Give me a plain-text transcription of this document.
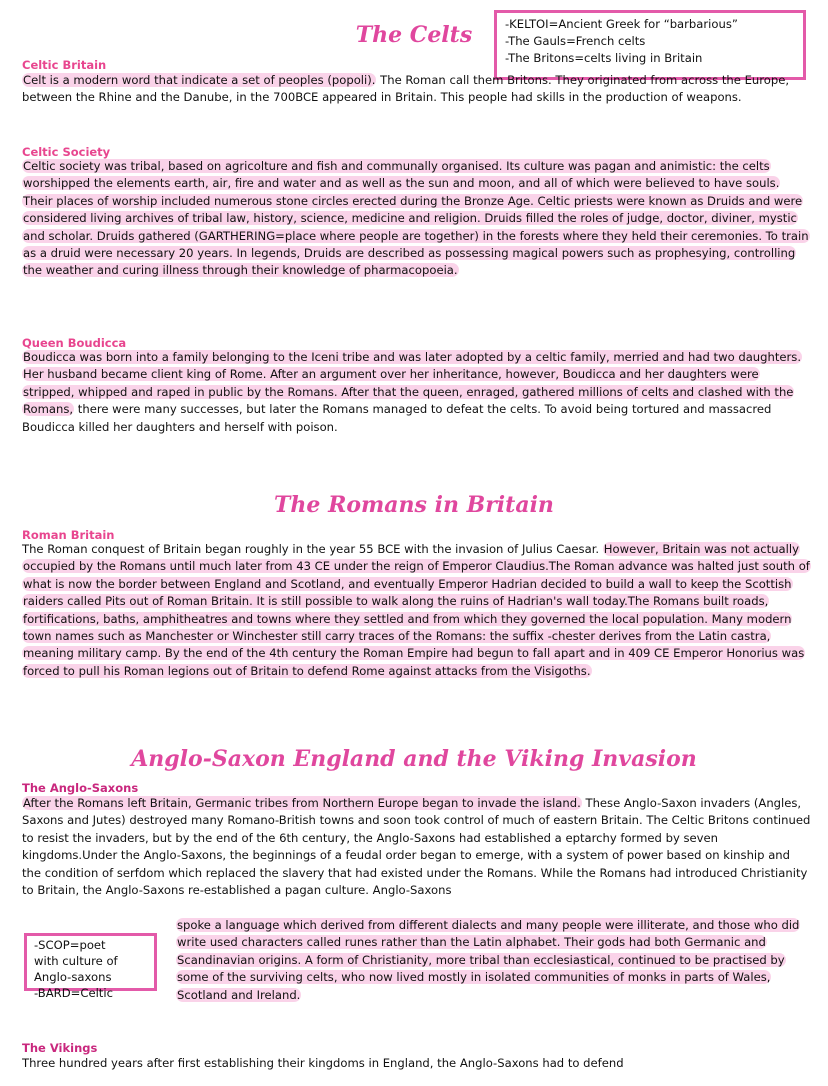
The Celts	-KELTOI=Ancient Greek for “barbarious”
-The Gauls=French celts
-The Britons=celts living in Britain
Celtic Britain

Celt is a modern word that indicate a set of peoples (popoli). The Roman call them Britons. They originated from across the Europe, between the Rhine and the Danube, in the 700BCE appeared in Britain. This people had skills in the production of weapons.

Celtic Society

Celtic society was tribal, based on agricolture and fish and communally organised. Its culture was pagan and animistic: the celts worshipped the elements earth, air, fire and water and as well as the sun and moon, and all of which were believed to have souls. Their places of worship included numerous stone circles erected during the Bronze Age. Celtic priests were known as Druids and were considered living archives of tribal law, history, science, medicine and religion. Druids filled the roles of judge, doctor, diviner, mystic and scholar. Druids gathered (GARTHERING=place where people are together) in the forests where they held their ceremonies. To train as a druid were necessary 20 years. In legends, Druids are described as possessing magical powers such as prophesying, controlling the weather and curing illness through their knowledge of pharmacopoeia.

Queen Boudicca

Boudicca was born into a family belonging to the Iceni tribe and was later adopted by a celtic family, merried and had two daughters. Her husband became client king of Rome. After an argument over her inheritance, however, Boudicca and her daughters were stripped, whipped and raped in public by the Romans. After that the queen, enraged, gathered millions of celts and clashed with the Romans, there were many successes, but later the Romans managed to defeat the celts. To avoid being tortured and massacred Boudicca killed her daughters and herself with poison.

The Romans in Britain
Roman Britain

The Roman conquest of Britain began roughly in the year 55 BCE with the invasion of Julius Caesar. However, Britain was not actually occupied by the Romans until much later from 43 CE under the reign of Emperor Claudius.The Roman advance was halted just south of what is now the border between England and Scotland, and eventually Emperor Hadrian decided to build a wall to keep the Scottish raiders called Pits out of Roman Britain. It is still possible to walk along the ruins of Hadrian's wall today.The Romans built roads, fortifications, baths, amphitheatres and towns where they settled and from which they governed the local population. Many modern town names such as Manchester or Winchester still carry traces of the Romans: the suffix -chester derives from the Latin castra, meaning military camp. By the end of the 4th century the Roman Empire had begun to fall apart and in 409 CE Emperor Honorius was forced to pull his Roman legions out of Britain to defend Rome against attacks from the Visigoths.

Anglo-Saxon England and the Viking Invasion
The Anglo-Saxons

After the Romans left Britain, Germanic tribes from Northern Europe began to invade the island. These Anglo-Saxon invaders (Angles, Saxons and Jutes) destroyed many Romano-British towns and soon took control of much of eastern Britain. The Celtic Britons continued to resist the invaders, but by the end of the 6th century, the Anglo-Saxons had established a eptarchy formed by seven kingdoms.Under the Anglo-Saxons, the beginnings of a feudal order began to emerge, with a system of power based on kinship and the condition of serfdom which replaced the slavery that had existed under the Romans. While the Romans had introduced Christianity to Britain, the Anglo-Saxons re-established a pagan culture. Anglo-Saxons

-SCOP=poet
with culture of
Anglo-saxons
-BARD=Celtic

spoke a language which derived from different dialects and many people were illiterate, and those who did write used characters called runes rather than the Latin alphabet. Their gods had both Germanic and Scandinavian origins. A form of Christianity, more tribal than ecclesiastical, continued to be practised by some of the surviving celts, who now lived mostly in isolated communities of monks in parts of Wales, Scotland and Ireland.

The Vikings

Three hundred years after first establishing their kingdoms in England, the Anglo-Saxons had to defend
